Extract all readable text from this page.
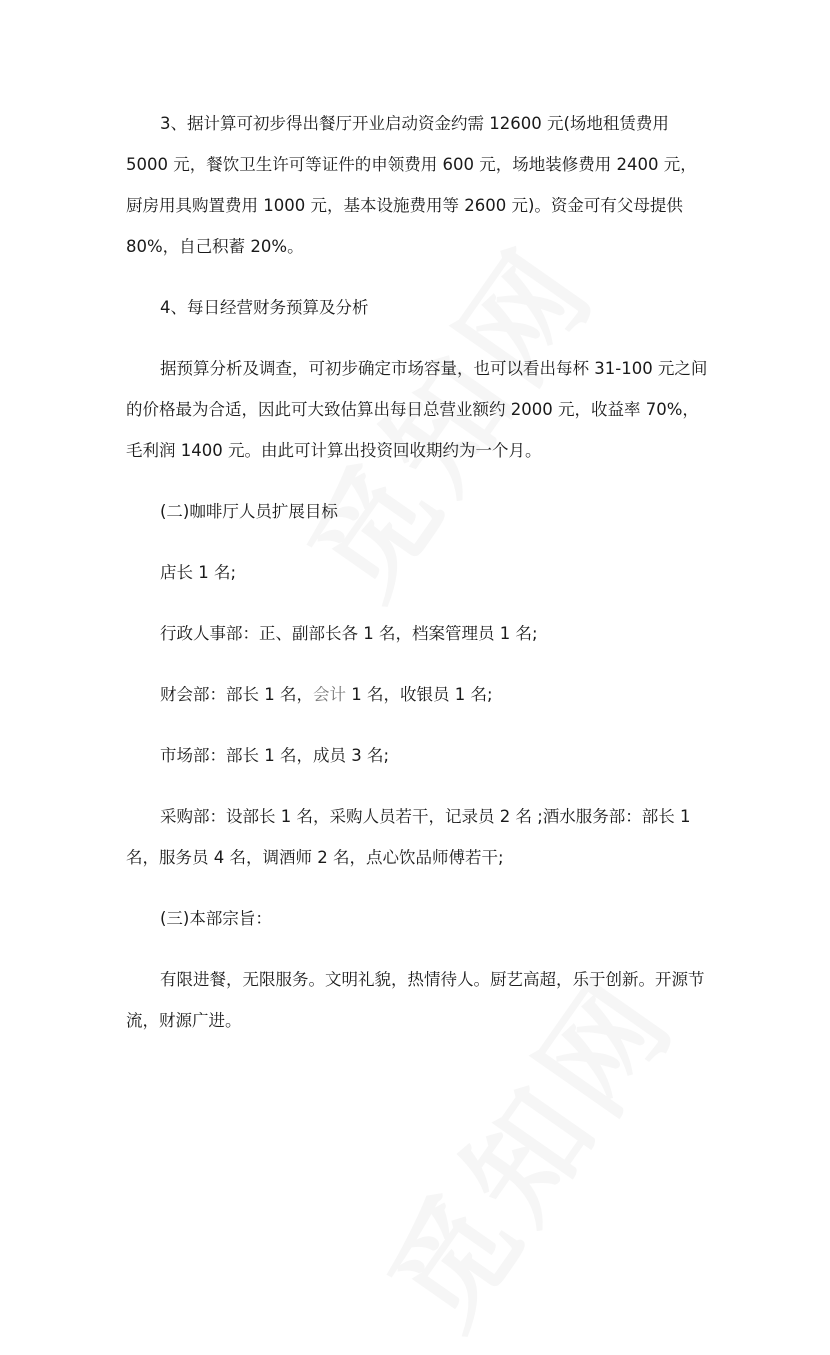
3、据计算可初步得出餐厅开业启动资金约需 12600 元(场地租赁费用 5000 元，餐饮卫生许可等证件的申领费用 600 元，场地装修费用 2400 元，厨房用具购置费用 1000 元，基本设施费用等 2600 元)。资金可有父母提供 80%，自己积蓄 20%。

4、每日经营财务预算及分析

据预算分析及调查，可初步确定市场容量，也可以看出每杯 31-100 元之间的价格最为合适，因此可大致估算出每日总营业额约 2000 元，收益率 70%，毛利润 1400 元。由此可计算出投资回收期约为一个月。

(二)咖啡厅人员扩展目标

店长 1 名;

行政人事部：正、副部长各 1 名，档案管理员 1 名;

财会部：部长 1 名，会计 1 名，收银员 1 名;

市场部：部长 1 名，成员 3 名;

采购部：设部长 1 名，采购人员若干，记录员 2 名 ;酒水服务部：部长 1 名，服务员 4 名，调酒师 2 名，点心饮品师傅若干;

(三)本部宗旨：

有限进餐，无限服务。文明礼貌，热情待人。厨艺高超，乐于创新。开源节流，财源广进。
